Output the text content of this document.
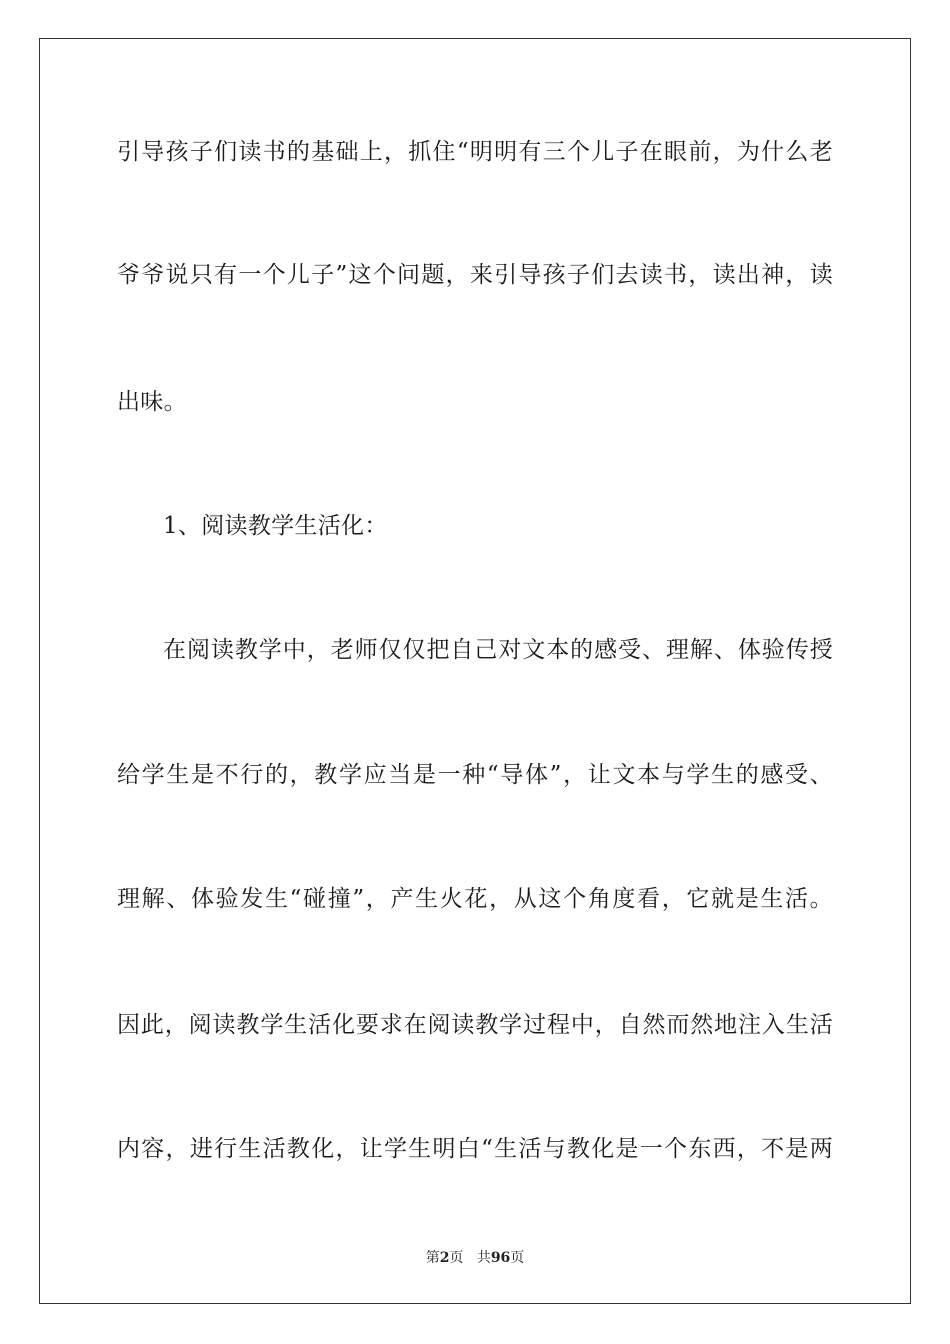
引导孩子们读书的基础上，抓住“明明有三个儿子在眼前，为什么老
爷爷说只有一个儿子”这个问题，来引导孩子们去读书，读出神，读
出味。
1、阅读教学生活化：
在阅读教学中，老师仅仅把自己对文本的感受、理解、体验传授
给学生是不行的，教学应当是一种“导体”，让文本与学生的感受、
理解、体验发生“碰撞”，产生火花，从这个角度看，它就是生活。
因此，阅读教学生活化要求在阅读教学过程中，自然而然地注入生活
内容，进行生活教化，让学生明白“生活与教化是一个东西，不是两
第2页 共96页
